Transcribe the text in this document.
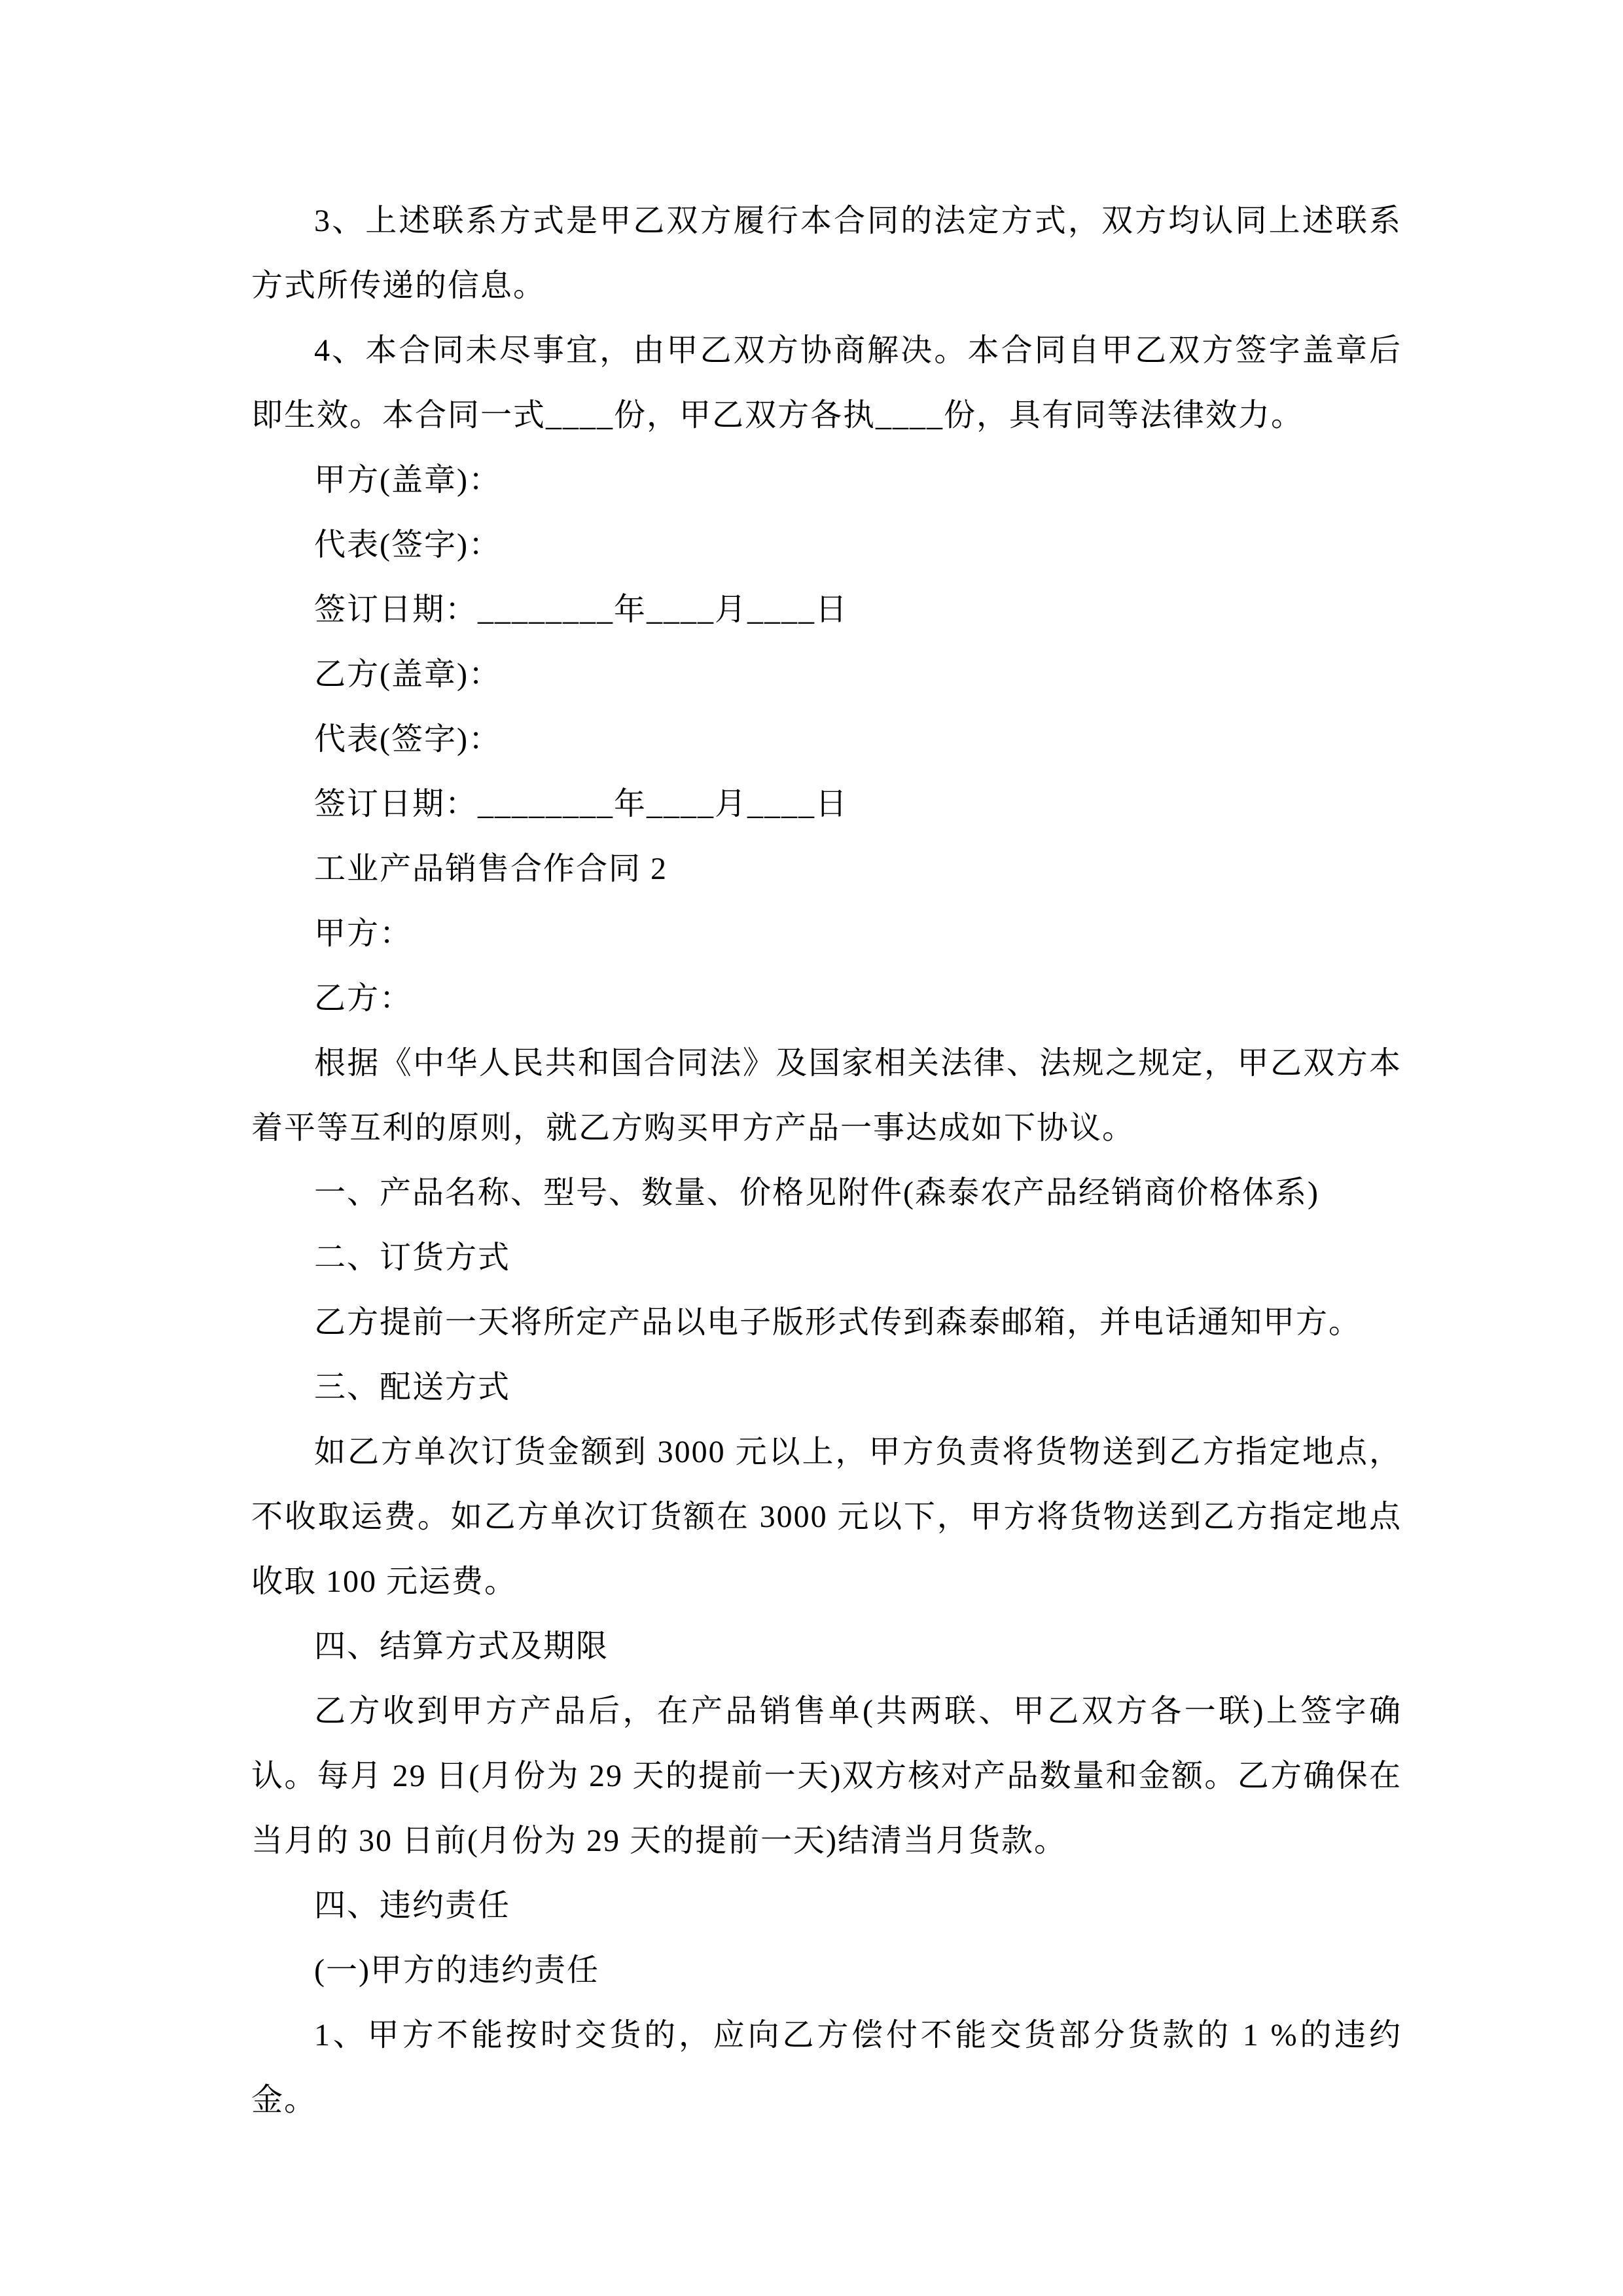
3、上述联系方式是甲乙双方履行本合同的法定方式，双方均认同上述联系方式所传递的信息。

4、本合同未尽事宜，由甲乙双方协商解决。本合同自甲乙双方签字盖章后即生效。本合同一式____份，甲乙双方各执____份，具有同等法律效力。

甲方(盖章)：

代表(签字)：

签订日期：________年____月____日

乙方(盖章)：

代表(签字)：

签订日期：________年____月____日

工业产品销售合作合同 2

甲方：

乙方：

根据《中华人民共和国合同法》及国家相关法律、法规之规定，甲乙双方本着平等互利的原则，就乙方购买甲方产品一事达成如下协议。

一、产品名称、型号、数量、价格见附件(森泰农产品经销商价格体系)

二、订货方式

乙方提前一天将所定产品以电子版形式传到森泰邮箱，并电话通知甲方。

三、配送方式

如乙方单次订货金额到 3000 元以上，甲方负责将货物送到乙方指定地点，不收取运费。如乙方单次订货额在 3000 元以下，甲方将货物送到乙方指定地点收取 100 元运费。

四、结算方式及期限

乙方收到甲方产品后，在产品销售单(共两联、甲乙双方各一联)上签字确认。每月 29 日(月份为 29 天的提前一天)双方核对产品数量和金额。乙方确保在当月的 30 日前(月份为 29 天的提前一天)结清当月货款。

四、违约责任

(一)甲方的违约责任

1、甲方不能按时交货的，应向乙方偿付不能交货部分货款的 1 %的违约金。
